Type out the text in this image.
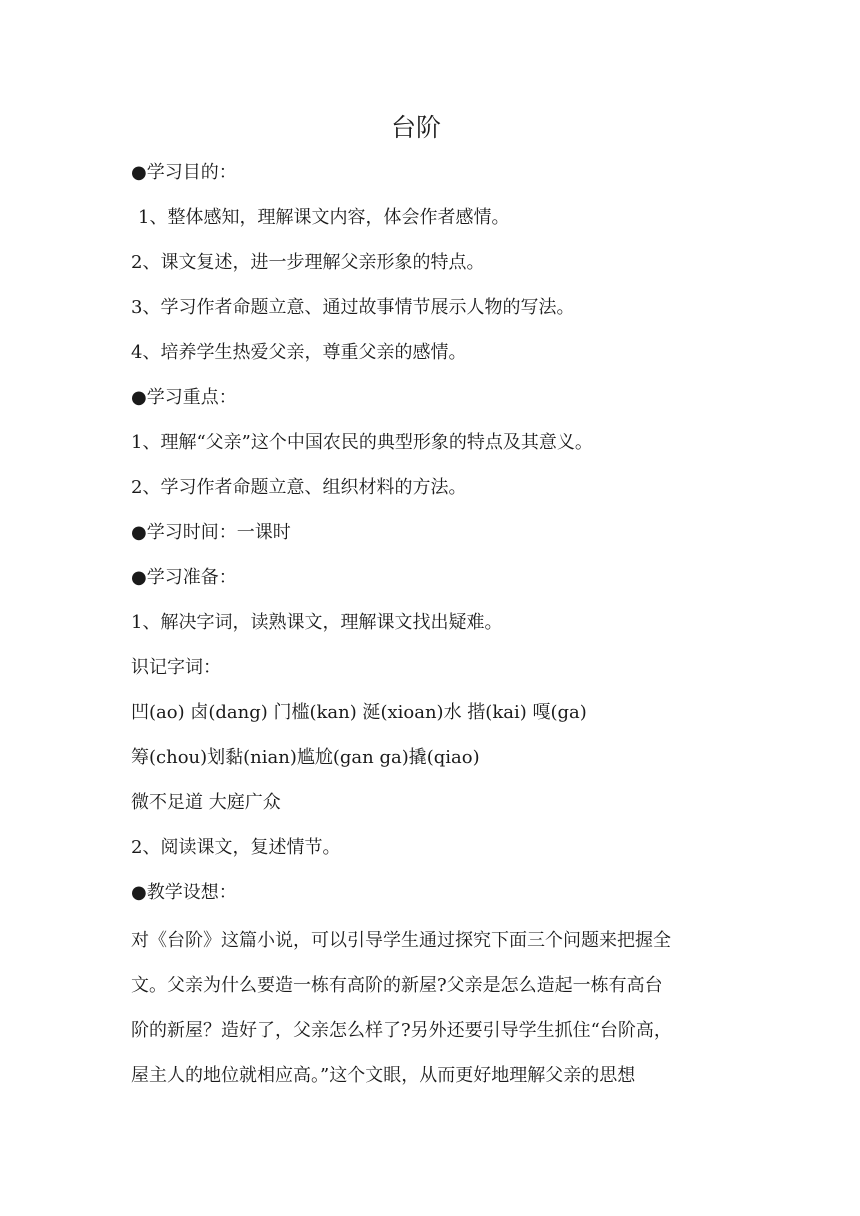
台阶
●学习目的：
1、整体感知，理解课文内容，体会作者感情。
2、课文复述，进一步理解父亲形象的特点。
3、学习作者命题立意、通过故事情节展示人物的写法。
4、培养学生热爱父亲，尊重父亲的感情。
●学习重点：
1、理解“父亲”这个中国农民的典型形象的特点及其意义。
2、学习作者命题立意、组织材料的方法。
●学习时间：一课时
●学习准备：
1、解决字词，读熟课文，理解课文找出疑难。
识记字词：
凹(ao) 卤(dang) 门槛(kan) 涎(xioan)水 揩(kai) 嘎(ga)
筹(chou)划黏(nian)尴尬(gan ga)撬(qiao)
微不足道 大庭广众
2、阅读课文，复述情节。
●教学设想：
对《台阶》这篇小说，可以引导学生通过探究下面三个问题来把握全
文。父亲为什么要造一栋有高阶的新屋?父亲是怎么造起一栋有高台
阶的新屋？造好了，父亲怎么样了?另外还要引导学生抓住“台阶高，
屋主人的地位就相应高。”这个文眼，从而更好地理解父亲的思想
